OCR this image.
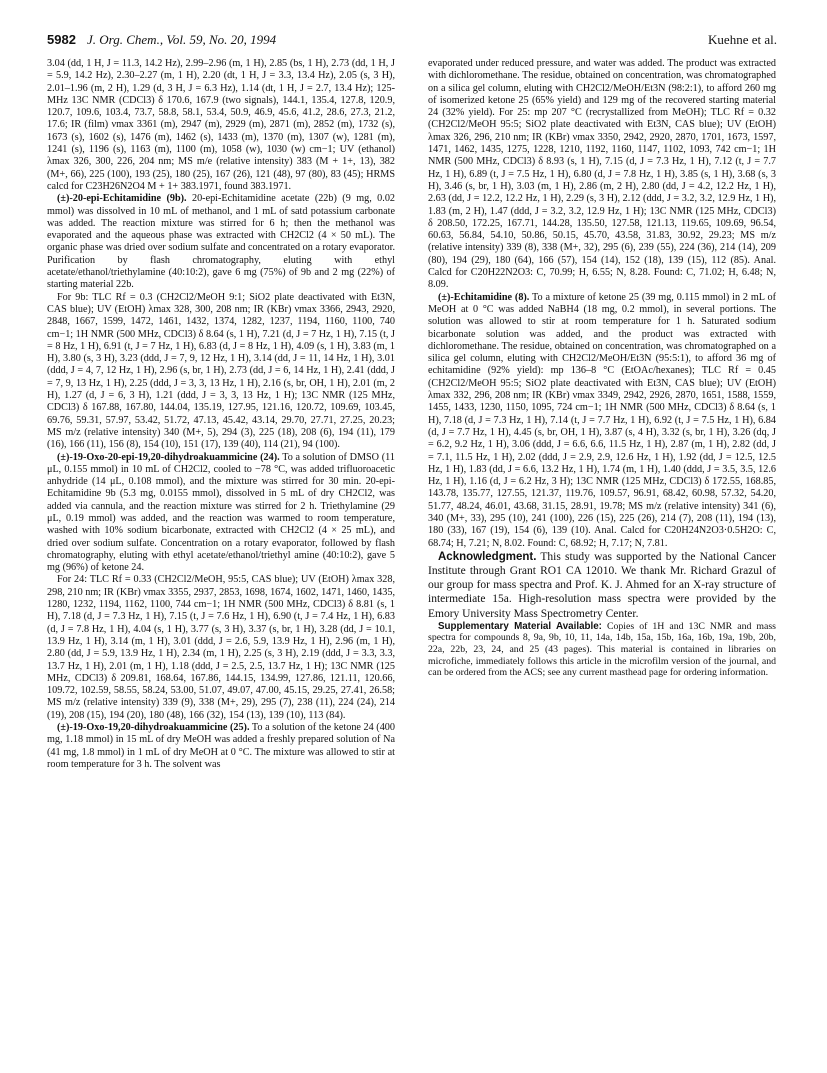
5982 J. Org. Chem., Vol. 59, No. 20, 1994	Kuehne et al.

3.04 (dd, 1 H, J = 11.3, 14.2 Hz), 2.99–2.96 (m, 1 H), 2.85 (bs, 1 H), 2.73 (dd, 1 H, J = 5.9, 14.2 Hz), 2.30–2.27 (m, 1 H), 2.20 (dt, 1 H, J = 3.3, 13.4 Hz), 2.05 (s, 3 H), 2.01–1.96 (m, 2 H), 1.29 (d, 3 H, J = 6.3 Hz), 1.14 (dt, 1 H, J = 2.7, 13.4 Hz); 125-MHz 13C NMR (CDCl3) δ 170.6, 167.9 (two signals), 144.1, 135.4, 127.8, 120.9, 120.7, 109.6, 103.4, 73.7, 58.8, 58.1, 53.4, 50.9, 46.9, 45.6, 41.2, 28.6, 27.3, 21.2, 17.6; IR (film) νmax 3361 (m), 2947 (m), 2929 (m), 2871 (m), 2852 (m), 1732 (s), 1673 (s), 1602 (s), 1476 (m), 1462 (s), 1433 (m), 1370 (m), 1307 (w), 1281 (m), 1241 (s), 1196 (s), 1163 (m), 1100 (m), 1058 (w), 1030 (w) cm−1; UV (ethanol) λmax 326, 300, 226, 204 nm; MS m/e (relative intensity) 383 (M + 1+, 13), 382 (M+, 66), 225 (100), 193 (25), 180 (25), 167 (26), 121 (48), 97 (80), 83 (45); HRMS calcd for C23H26N2O4 M + 1+ 383.1971, found 383.1971.

(±)-20-epi-Echitamidine (9b). 20-epi-Echitamidine acetate (22b) (9 mg, 0.02 mmol) was dissolved in 10 mL of methanol, and 1 mL of satd potassium carbonate was added. The reaction mixture was stirred for 6 h; then the methanol was evaporated and the aqueous phase was extracted with CH2Cl2 (4 × 50 mL). The organic phase was dried over sodium sulfate and concentrated on a rotary evaporator. Purification by flash chromatography, eluting with ethyl acetate/ethanol/triethylamine (40:10:2), gave 6 mg (75%) of 9b and 2 mg (22%) of starting material 22b.

For 9b: TLC Rf = 0.3 (CH2Cl2/MeOH 9:1; SiO2 plate deactivated with Et3N, CAS blue); UV (EtOH) λmax 328, 300, 208 nm; IR (KBr) νmax 3366, 2943, 2920, 2848, 1667, 1599, 1472, 1461, 1432, 1374, 1282, 1237, 1194, 1160, 1100, 740 cm−1; 1H NMR (500 MHz, CDCl3) δ 8.64 (s, 1 H), 7.21 (d, J = 7 Hz, 1 H), 7.15 (t, J = 8 Hz, 1 H), 6.91 (t, J = 7 Hz, 1 H), 6.83 (d, J = 8 Hz, 1 H), 4.09 (s, 1 H), 3.83 (m, 1 H), 3.80 (s, 3 H), 3.23 (ddd, J = 7, 9, 12 Hz, 1 H), 3.14 (dd, J = 11, 14 Hz, 1 H), 3.01 (ddd, J = 4, 7, 12 Hz, 1 H), 2.96 (s, br, 1 H), 2.73 (dd, J = 6, 14 Hz, 1 H), 2.41 (ddd, J = 7, 9, 13 Hz, 1 H), 2.25 (ddd, J = 3, 3, 13 Hz, 1 H), 2.16 (s, br, OH, 1 H), 2.01 (m, 2 H), 1.27 (d, J = 6, 3 H), 1.21 (ddd, J = 3, 3, 13 Hz, 1 H); 13C NMR (125 MHz, CDCl3) δ 167.88, 167.80, 144.04, 135.19, 127.95, 121.16, 120.72, 109.69, 103.45, 69.76, 59.31, 57.97, 53.42, 51.72, 47.13, 45.42, 43.14, 29.70, 27.71, 27.25, 20.23; MS m/z (relative intensity) 340 (M+, 5), 294 (3), 225 (18), 208 (6), 194 (11), 179 (16), 166 (11), 156 (8), 154 (10), 151 (17), 139 (40), 114 (21), 94 (100).

(±)-19-Oxo-20-epi-19,20-dihydroakuammicine (24). To a solution of DMSO (11 μL, 0.155 mmol) in 10 mL of CH2Cl2, cooled to −78 °C, was added trifluoroacetic anhydride (14 μL, 0.108 mmol), and the mixture was stirred for 30 min. 20-epi-Echitamidine 9b (5.3 mg, 0.0155 mmol), dissolved in 5 mL of dry CH2Cl2, was added via cannula, and the reaction mixture was stirred for 2 h. Triethylamine (29 μL, 0.19 mmol) was added, and the reaction was warmed to room temperature, washed with 10% sodium bicarbonate, extracted with CH2Cl2 (4 × 25 mL), and dried over sodium sulfate. Concentration on a rotary evaporator, followed by flash chromatography, eluting with ethyl acetate/ethanol/triethyl amine (40:10:2), gave 5 mg (96%) of ketone 24.

For 24: TLC Rf = 0.33 (CH2Cl2/MeOH, 95:5, CAS blue); UV (EtOH) λmax 328, 298, 210 nm; IR (KBr) νmax 3355, 2937, 2853, 1698, 1674, 1602, 1471, 1460, 1435, 1280, 1232, 1194, 1162, 1100, 744 cm−1; 1H NMR (500 MHz, CDCl3) δ 8.81 (s, 1 H), 7.18 (d, J = 7.3 Hz, 1 H), 7.15 (t, J = 7.6 Hz, 1 H), 6.90 (t, J = 7.4 Hz, 1 H), 6.83 (d, J = 7.8 Hz, 1 H), 4.04 (s, 1 H), 3.77 (s, 3 H), 3.37 (s, br, 1 H), 3.28 (dd, J = 10.1, 13.9 Hz, 1 H), 3.14 (m, 1 H), 3.01 (ddd, J = 2.6, 5.9, 13.9 Hz, 1 H), 2.96 (m, 1 H), 2.80 (dd, J = 5.9, 13.9 Hz, 1 H), 2.34 (m, 1 H), 2.25 (s, 3 H), 2.19 (ddd, J = 3.3, 3.3, 13.7 Hz, 1 H), 2.01 (m, 1 H), 1.18 (ddd, J = 2.5, 2.5, 13.7 Hz, 1 H); 13C NMR (125 MHz, CDCl3) δ 209.81, 168.64, 167.86, 144.15, 134.99, 127.86, 121.11, 120.66, 109.72, 102.59, 58.55, 58.24, 53.00, 51.07, 49.07, 47.00, 45.15, 29.25, 27.41, 26.58; MS m/z (relative intensity) 339 (9), 338 (M+, 29), 295 (7), 238 (11), 224 (24), 214 (19), 208 (15), 194 (20), 180 (48), 166 (32), 154 (13), 139 (10), 113 (84).

(±)-19-Oxo-19,20-dihydroakuammicine (25). To a solution of the ketone 24 (400 mg, 1.18 mmol) in 15 mL of dry MeOH was added a freshly prepared solution of Na (41 mg, 1.8 mmol) in 1 mL of dry MeOH at 0 °C. The mixture was allowed to stir at room temperature for 3 h. The solvent was

evaporated under reduced pressure, and water was added. The product was extracted with dichloromethane. The residue, obtained on concentration, was chromatographed on a silica gel column, eluting with CH2Cl2/MeOH/Et3N (98:2:1), to afford 260 mg of isomerized ketone 25 (65% yield) and 129 mg of the recovered starting material 24 (32% yield). For 25: mp 207 °C (recrystallized from MeOH); TLC Rf = 0.32 (CH2Cl2/MeOH 95:5; SiO2 plate deactivated with Et3N, CAS blue); UV (EtOH) λmax 326, 296, 210 nm; IR (KBr) νmax 3350, 2942, 2920, 2870, 1701, 1673, 1597, 1471, 1462, 1435, 1275, 1228, 1210, 1192, 1160, 1147, 1102, 1093, 742 cm−1; 1H NMR (500 MHz, CDCl3) δ 8.93 (s, 1 H), 7.15 (d, J = 7.3 Hz, 1 H), 7.12 (t, J = 7.7 Hz, 1 H), 6.89 (t, J = 7.5 Hz, 1 H), 6.80 (d, J = 7.8 Hz, 1 H), 3.85 (s, 1 H), 3.68 (s, 3 H), 3.46 (s, br, 1 H), 3.03 (m, 1 H), 2.86 (m, 2 H), 2.80 (dd, J = 4.2, 12.2 Hz, 1 H), 2.63 (dd, J = 12.2, 12.2 Hz, 1 H), 2.29 (s, 3 H), 2.12 (ddd, J = 3.2, 3.2, 12.9 Hz, 1 H), 1.83 (m, 2 H), 1.47 (ddd, J = 3.2, 3.2, 12.9 Hz, 1 H); 13C NMR (125 MHz, CDCl3) δ 208.50, 172.25, 167.71, 144.28, 135.50, 127.58, 121.13, 119.65, 109.69, 96.54, 60.63, 56.84, 54.10, 50.86, 50.15, 45.70, 43.58, 31.83, 30.92, 29.23; MS m/z (relative intensity) 339 (8), 338 (M+, 32), 295 (6), 239 (55), 224 (36), 214 (14), 209 (80), 194 (29), 180 (64), 166 (57), 154 (14), 152 (18), 139 (15), 112 (85). Anal. Calcd for C20H22N2O3: C, 70.99; H, 6.55; N, 8.28. Found: C, 71.02; H, 6.48; N, 8.09.

(±)-Echitamidine (8). To a mixture of ketone 25 (39 mg, 0.115 mmol) in 2 mL of MeOH at 0 °C was added NaBH4 (18 mg, 0.2 mmol), in several portions. The solution was allowed to stir at room temperature for 1 h. Saturated sodium bicarbonate solution was added, and the product was extracted with dichloromethane. The residue, obtained on concentration, was chromatographed on a silica gel column, eluting with CH2Cl2/MeOH/Et3N (95:5:1), to afford 36 mg of echitamidine (92% yield): mp 136–8 °C (EtOAc/hexanes); TLC Rf = 0.45 (CH2Cl2/MeOH 95:5; SiO2 plate deactivated with Et3N, CAS blue); UV (EtOH) λmax 332, 296, 208 nm; IR (KBr) νmax 3349, 2942, 2926, 2870, 1651, 1588, 1559, 1455, 1433, 1230, 1150, 1095, 724 cm−1; 1H NMR (500 MHz, CDCl3) δ 8.64 (s, 1 H), 7.18 (d, J = 7.3 Hz, 1 H), 7.14 (t, J = 7.7 Hz, 1 H), 6.92 (t, J = 7.5 Hz, 1 H), 6.84 (d, J = 7.7 Hz, 1 H), 4.45 (s, br, OH, 1 H), 3.87 (s, 4 H), 3.32 (s, br, 1 H), 3.26 (dq, J = 6.2, 9.2 Hz, 1 H), 3.06 (ddd, J = 6.6, 6.6, 11.5 Hz, 1 H), 2.87 (m, 1 H), 2.82 (dd, J = 7.1, 11.5 Hz, 1 H), 2.02 (ddd, J = 2.9, 2.9, 12.6 Hz, 1 H), 1.92 (dd, J = 12.5, 12.5 Hz, 1 H), 1.83 (dd, J = 6.6, 13.2 Hz, 1 H), 1.74 (m, 1 H), 1.40 (ddd, J = 3.5, 3.5, 12.6 Hz, 1 H), 1.16 (d, J = 6.2 Hz, 3 H); 13C NMR (125 MHz, CDCl3) δ 172.55, 168.85, 143.78, 135.77, 127.55, 121.37, 119.76, 109.57, 96.91, 68.42, 60.98, 57.32, 54.20, 51.77, 48.24, 46.01, 43.68, 31.15, 28.91, 19.78; MS m/z (relative intensity) 341 (6), 340 (M+, 33), 295 (10), 241 (100), 226 (15), 225 (26), 214 (7), 208 (11), 194 (13), 180 (33), 167 (19), 154 (6), 139 (10). Anal. Calcd for C20H24N2O3·0.5H2O: C, 68.74; H, 7.21; N, 8.02. Found: C, 68.92; H, 7.17; N, 7.81.

Acknowledgment. This study was supported by the National Cancer Institute through Grant RO1 CA 12010. We thank Mr. Richard Grazul of our group for mass spectra and Prof. K. J. Ahmed for an X-ray structure of intermediate 15a. High-resolution mass spectra were provided by the Emory University Mass Spectrometry Center.

Supplementary Material Available: Copies of 1H and 13C NMR and mass spectra for compounds 8, 9a, 9b, 10, 11, 14a, 14b, 15a, 15b, 16a, 16b, 19a, 19b, 20b, 22a, 22b, 23, 24, and 25 (43 pages). This material is contained in libraries on microfiche, immediately follows this article in the microfilm version of the journal, and can be ordered from the ACS; see any current masthead page for ordering information.
